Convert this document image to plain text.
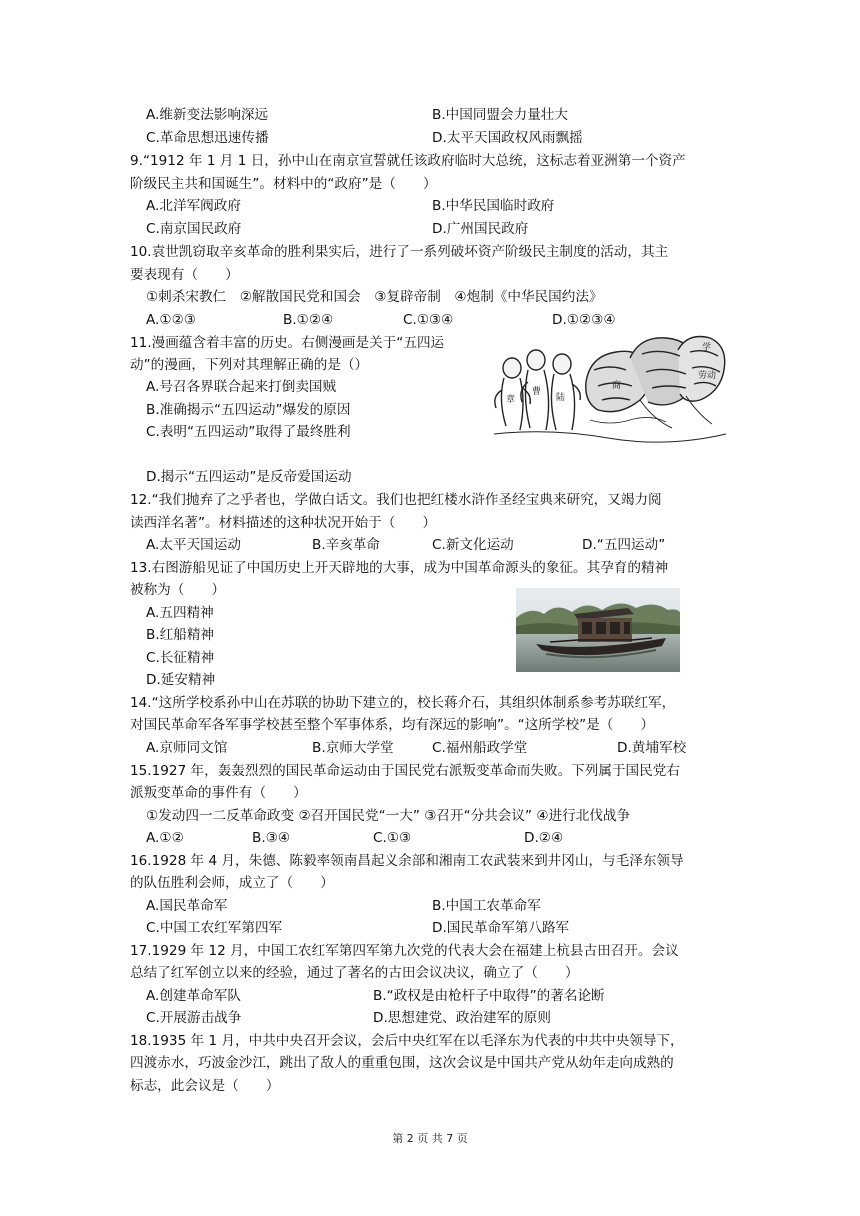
A.维新变法影响深远	B.中国同盟会力量壮大
C.革命思想迅速传播	D.太平天国政权风雨飘摇
9.“1912 年 1 月 1 日，孙中山在南京宣誓就任该政府临时大总统，这标志着亚洲第一个资产
阶级民主共和国诞生”。材料中的“政府”是（　　）
A.北洋军阀政府	B.中华民国临时政府
C.南京国民政府	D.广州国民政府
10.袁世凯窃取辛亥革命的胜利果实后，进行了一系列破坏资产阶级民主制度的活动，其主
要表现有（　　）
①刺杀宋教仁　②解散国民党和国会　③复辟帝制　④炮制《中华民国约法》
A.①②③	B.①②④	C.①③④	D.①②③④
11.漫画蕴含着丰富的历史。右侧漫画是关于“五四运
动”的漫画，下列对其理解正确的是（）
A.号召各界联合起来打倒卖国贼
B.准确揭示“五四运动”爆发的原因
C.表明“五四运动”取得了最终胜利
D.揭示“五四运动”是反帝爱国运动
章
曹
陆
商
学
劳动
12.“我们抛弃了之乎者也，学做白话文。我们也把红楼水浒作圣经宝典来研究，又竭力阅
读西洋名著”。材料描述的这种状况开始于（　　）
A.太平天国运动	B.辛亥革命	C.新文化运动	D.“五四运动”
13.右图游船见证了中国历史上开天辟地的大事，成为中国革命源头的象征。其孕育的精神
被称为（　　）
A.五四精神
B.红船精神
C.长征精神
D.延安精神
14.“这所学校系孙中山在苏联的协助下建立的，校长蒋介石，其组织体制系参考苏联红军，
对国民革命军各军事学校甚至整个军事体系，均有深远的影响”。“这所学校”是（　　）
A.京师同文馆	B.京师大学堂	C.福州船政学堂	D.黄埔军校
15.1927 年，轰轰烈烈的国民革命运动由于国民党右派叛变革命而失败。下列属于国民党右
派叛变革命的事件有（　　）
①发动四一二反革命政变 ②召开国民党“一大” ③召开“分共会议” ④进行北伐战争
A.①②	B.③④	C.①③	D.②④
16.1928 年 4 月，朱德、陈毅率领南昌起义余部和湘南工农武装来到井冈山，与毛泽东领导
的队伍胜利会师，成立了（　　）
A.国民革命军	B.中国工农革命军
C.中国工农红军第四军	D.国民革命军第八路军
17.1929 年 12 月，中国工农红军第四军第九次党的代表大会在福建上杭县古田召开。会议
总结了红军创立以来的经验，通过了著名的古田会议决议，确立了（　　）
A.创建革命军队	B.“政权是由枪杆子中取得”的著名论断
C.开展游击战争	D.思想建党、政治建军的原则
18.1935 年 1 月，中共中央召开会议，会后中央红军在以毛泽东为代表的中共中央领导下，
四渡赤水，巧波金沙江，跳出了敌人的重重包围，这次会议是中国共产党从幼年走向成熟的
标志，此会议是（　　）
第 2 页 共 7 页
